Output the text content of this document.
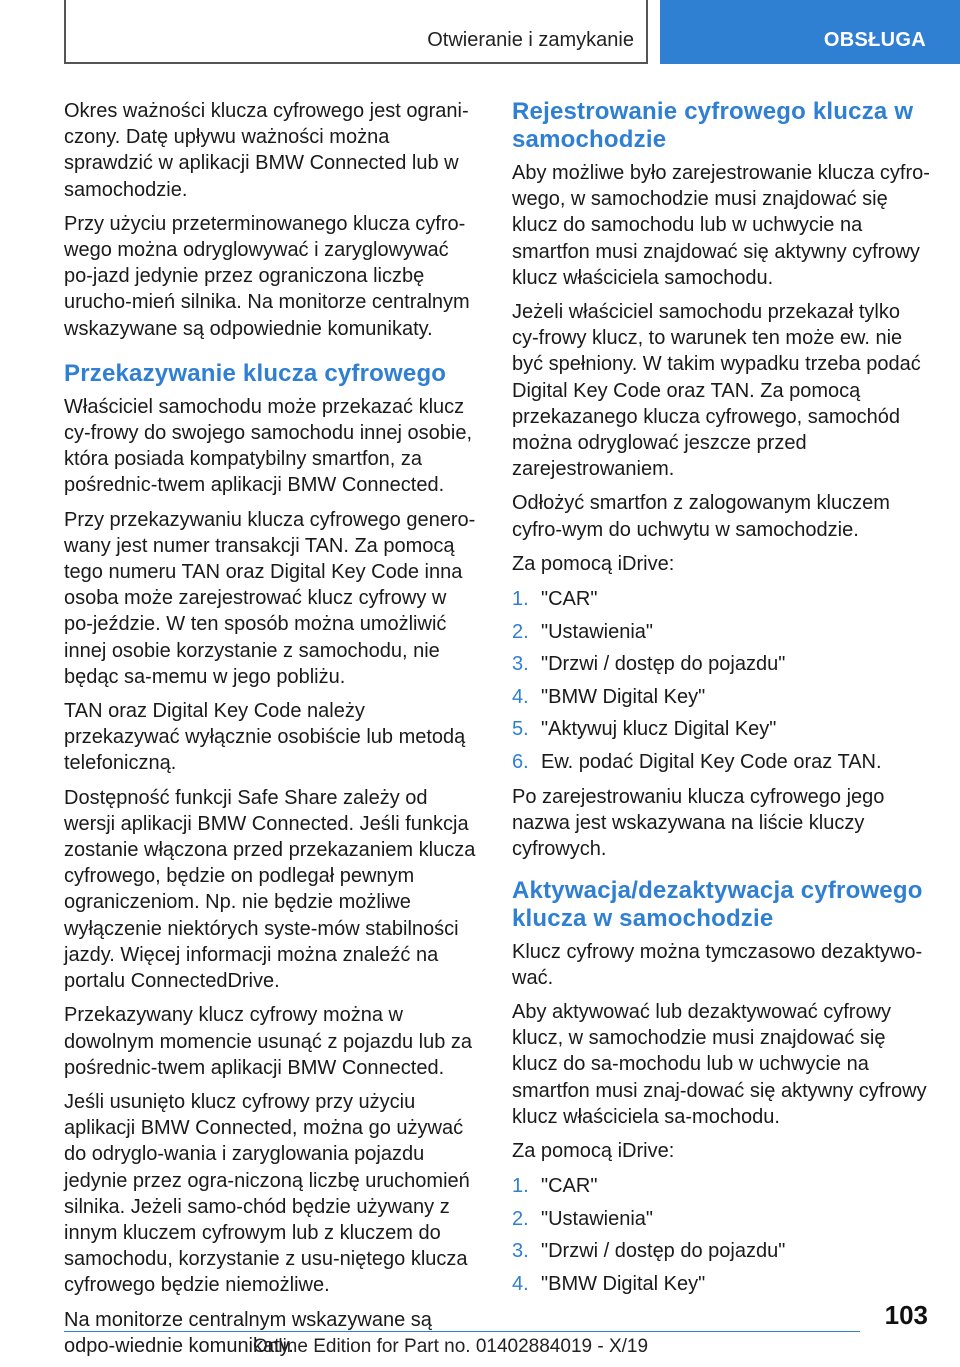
Otwieranie i zamykanie	OBSŁUGA

Okres ważności klucza cyfrowego jest ograni-czony. Datę upływu ważności można sprawdzić w aplikacji BMW Connected lub w samochodzie.

Przy użyciu przeterminowanego klucza cyfro-wego można odryglowywać i zaryglowywać po-jazd jedynie przez ograniczona liczbę urucho-mień silnika. Na monitorze centralnym wskazywane są odpowiednie komunikaty.

Przekazywanie klucza cyfrowego

Właściciel samochodu może przekazać klucz cy-frowy do swojego samochodu innej osobie, która posiada kompatybilny smartfon, za pośrednic-twem aplikacji BMW Connected.

Przy przekazywaniu klucza cyfrowego genero-wany jest numer transakcji TAN. Za pomocą tego numeru TAN oraz Digital Key Code inna osoba może zarejestrować klucz cyfrowy w po-jeździe. W ten sposób można umożliwić innej osobie korzystanie z samochodu, nie będąc sa-memu w jego pobliżu.

TAN oraz Digital Key Code należy przekazywać wyłącznie osobiście lub metodą telefoniczną.

Dostępność funkcji Safe Share zależy od wersji aplikacji BMW Connected. Jeśli funkcja zostanie włączona przed przekazaniem klucza cyfrowego, będzie on podlegał pewnym ograniczeniom. Np. nie będzie możliwe wyłączenie niektórych syste-mów stabilności jazdy. Więcej informacji można znaleźć na portalu ConnectedDrive.

Przekazywany klucz cyfrowy można w dowolnym momencie usunąć z pojazdu lub za pośrednic-twem aplikacji BMW Connected.

Jeśli usunięto klucz cyfrowy przy użyciu aplikacji BMW Connected, można go używać do odryglo-wania i zaryglowania pojazdu jedynie przez ogra-niczoną liczbę uruchomień silnika. Jeżeli samo-chód będzie używany z innym kluczem cyfrowym lub z kluczem do samochodu, korzystanie z usu-niętego klucza cyfrowego będzie niemożliwe.

Na monitorze centralnym wskazywane są odpo-wiednie komunikaty.

Rejestrowanie cyfrowego klucza w samochodzie

Aby możliwe było zarejestrowanie klucza cyfro-wego, w samochodzie musi znajdować się klucz do samochodu lub w uchwycie na smartfon musi znajdować się aktywny cyfrowy klucz właściciela samochodu.

Jeżeli właściciel samochodu przekazał tylko cy-frowy klucz, to warunek ten może ew. nie być spełniony. W takim wypadku trzeba podać Digital Key Code oraz TAN. Za pomocą przekazanego klucza cyfrowego, samochód można odryglować jeszcze przed zarejestrowaniem.

Odłożyć smartfon z zalogowanym kluczem cyfro-wym do uchwytu w samochodzie.

Za pomocą iDrive:

1. "CAR"
2. "Ustawienia"
3. "Drzwi / dostęp do pojazdu"
4. "BMW Digital Key"
5. "Aktywuj klucz Digital Key"
6. Ew. podać Digital Key Code oraz TAN.

Po zarejestrowaniu klucza cyfrowego jego nazwa jest wskazywana na liście kluczy cyfrowych.

Aktywacja/dezaktywacja cyfrowego klucza w samochodzie

Klucz cyfrowy można tymczasowo dezaktywo-wać.

Aby aktywować lub dezaktywować cyfrowy klucz, w samochodzie musi znajdować się klucz do sa-mochodu lub w uchwycie na smartfon musi znaj-dować się aktywny cyfrowy klucz właściciela sa-mochodu.

Za pomocą iDrive:

1. "CAR"
2. "Ustawienia"
3. "Drzwi / dostęp do pojazdu"
4. "BMW Digital Key"
103
Online Edition for Part no. 01402884019 - X/19
